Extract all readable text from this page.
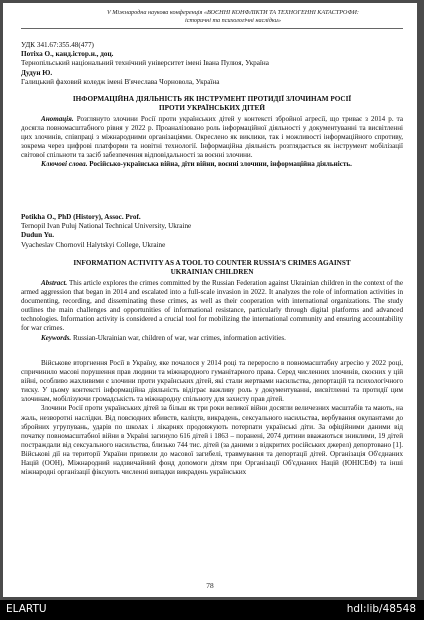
V Міжнародна наукова конференція «ВОЄННІ КОНФЛІКТИ ТА ТЕХНОГЕННІ КАТАСТРОФИ:
історичні та психологічні наслідки»
УДК 341.67:355.48(477)
Потіха О., канд.істор.н., доц.
Тернопільський національний технічний університет імені Івана Пулюя, Україна
Дудун Ю.
Галицький фаховий коледж імені В'ячеслава Чорновола, Україна
ІНФОРМАЦІЙНА ДІЯЛЬНІСТЬ ЯК ІНСТРУМЕНТ ПРОТИДІЇ ЗЛОЧИНАМ РОСІЇ
ПРОТИ УКРАЇНСЬКИХ ДІТЕЙ

Анотація. Розглянуто злочини Росії проти українських дітей у контексті збройної агресії, що триває з 2014 р. та досягла повномасштабного рівня у 2022 р. Проаналізовано роль інформаційної діяльності у документуванні та висвітленні цих злочинів, співпраці з міжнародними організаціями. Окреслено як виклики, так і можливості інформаційного спротиву, зокрема через цифрові платформи та новітні технології. Інформаційна діяльність розглядається як інструмент мобілізації світової спільноти та засіб забезпечення відповідальності за воєнні злочини.

Ключові слова. Російсько-українська війна, діти війни, воєнні злочини, інформаційна діяльність.

Potikha O., PhD (History), Assoc. Prof.
Ternopil Ivan Puluj National Technical University, Ukraine
Dudun Yu.
Vyacheslav Chornovil Halytskyi College, Ukraine
INFORMATION ACTIVITY AS A TOOL TO COUNTER RUSSIA'S CRIMES AGAINST
UKRAINIAN CHILDREN

Abstract. This article explores the crimes committed by the Russian Federation against Ukrainian children in the context of the armed aggression that began in 2014 and escalated into a full-scale invasion in 2022. It analyzes the role of information activities in documenting, recording, and disseminating these crimes, as well as their cooperation with international organizations. The study outlines the main challenges and opportunities of informational resistance, particularly through digital platforms and advanced technologies. Information activity is considered a crucial tool for mobilizing the international community and ensuring accountability for war crimes.

Keywords. Russian-Ukrainian war, children of war, war crimes, information activities.

Військове вторгнення Росії в Україну, яке почалося у 2014 році та переросло в повномасштабну агресію у 2022 році, спричинило масові порушення прав людини та міжнародного гуманітарного права. Серед численних злочинів, скоєних у цій війні, особливо жахливими є злочини проти українських дітей, які стали жертвами насильства, депортацій та психологічного тиску. У цьому контексті інформаційна діяльність відіграє важливу роль у документуванні, висвітленні та протидії цим злочинам, мобілізуючи громадськість та міжнародну спільноту для захисту прав дітей.

Злочини Росії проти українських дітей за більш як три роки великої війни досягли величезних масштабів та мають, на жаль, незворотні наслідки. Від повсюдних вбивств, каліцтв, викрадень, сексуального насильства, вербування окупантами до збройних угрупувань, ударів по школах і лікарнях продовжують потерпати українські діти. За офіційними даними від початку повномасштабної війни в Україні загинуло 616 дітей і 1863 – поранені, 2074 дитини вважаються зниклими, 19 дітей постраждали від сексуального насильства, близько 744 тис. дітей (за даними з відкритих російських джерел) депортовано [1]. Військові дії на території України призвели до масової загибелі, травмування та депортації дітей. Організація Об'єднаних Націй (ООН), Міжнародний надзвичайний фонд допомоги дітям при Організації Об'єднаних Націй (ЮНІСЕФ) та інші міжнародні організації фіксують численні випадки викрадень українських

78
ELARTU	hdl:lib/48548
